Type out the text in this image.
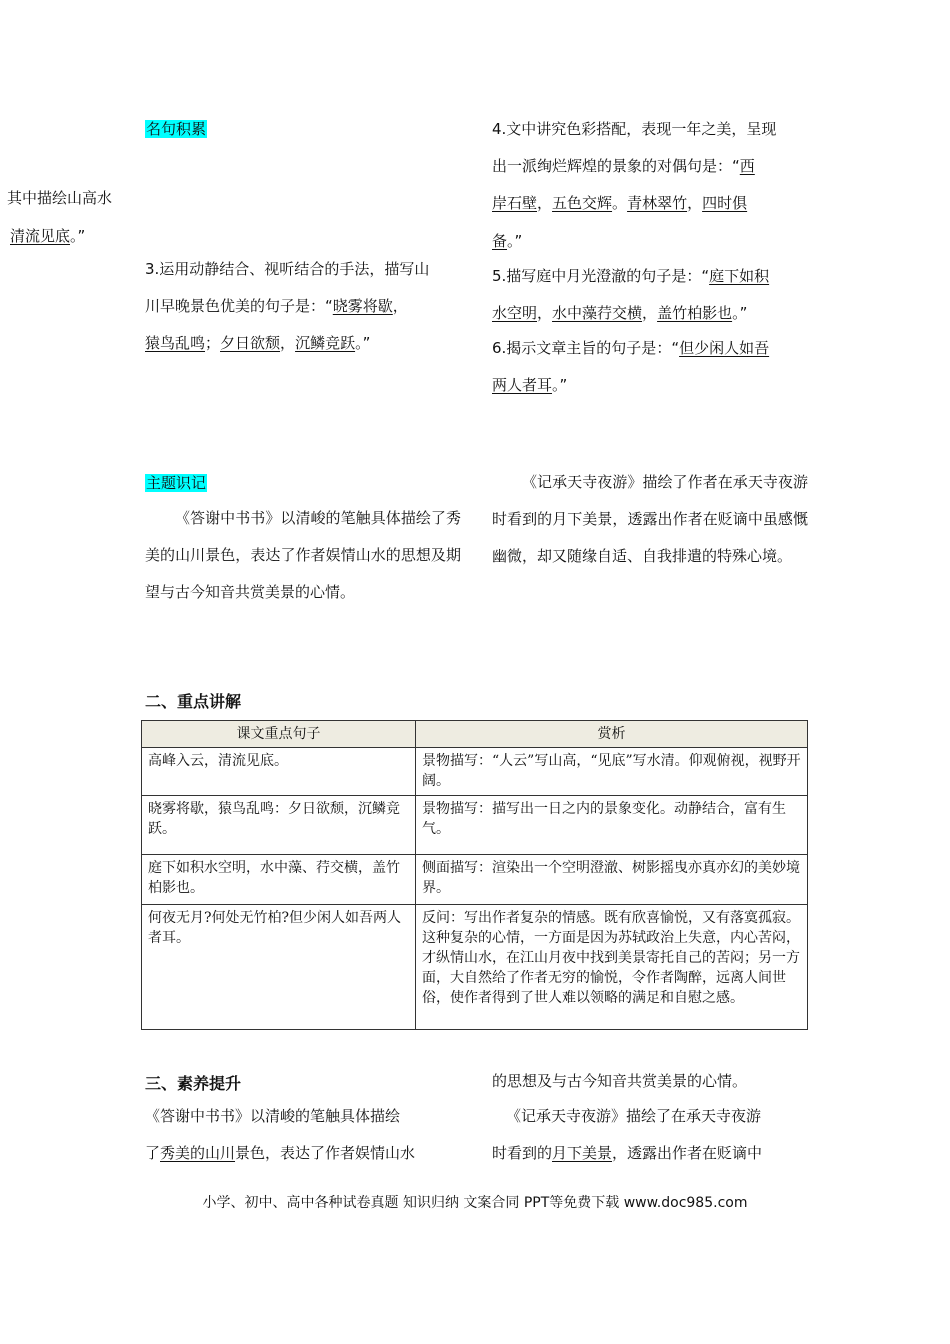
名句积累
其中描绘山高水
清流见底。”
3.运用动静结合、视听结合的手法，描写山
川早晚景色优美的句子是：“晓雾将歇，
猿鸟乱鸣；夕日欲颓，沉鳞竞跃。”
4.文中讲究色彩搭配，表现一年之美，呈现
出一派绚烂辉煌的景象的对偶句是：“西
岸石壁，五色交辉。青林翠竹，四时俱
备。”
5.描写庭中月光澄澈的句子是：“庭下如积
水空明，水中藻荇交横，盖竹柏影也。”
6.揭示文章主旨的句子是：“但少闲人如吾
两人者耳。”
主题识记
《答谢中书书》以清峻的笔触具体描绘了秀美的山川景色，表达了作者娱情山水的思想及期望与古今知音共赏美景的心情。
《记承天寺夜游》描绘了作者在承天寺夜游时看到的月下美景，透露出作者在贬谪中虽感慨幽微，却又随缘自适、自我排遣的特殊心境。
二、重点讲解
课文重点句子	赏析
高峰入云，清流见底。	景物描写：“人云”写山高，“见底”写水清。仰观俯视，视野开阔。
晓雾将歇，猿鸟乱鸣：夕日欲颓，沉鳞竞跃。	景物描写：描写出一日之内的景象变化。动静结合，富有生气。
庭下如积水空明，水中藻、荇交横，盖竹柏影也。	侧面描写：渲染出一个空明澄澈、树影摇曳亦真亦幻的美妙境界。
何夜无月?何处无竹柏?但少闲人如吾两人者耳。	反问：写出作者复杂的情感。既有欣喜愉悦，又有落寞孤寂。这种复杂的心情，一方面是因为苏轼政治上失意，内心苦闷，才纵情山水，在江山月夜中找到美景寄托自己的苦闷；另一方面，大自然给了作者无穷的愉悦，令作者陶醉，远离人间世俗，使作者得到了世人难以领略的满足和自慰之感。
三、素养提升
《答谢中书书》以清峻的笔触具体描绘
了秀美的山川景色，表达了作者娱情山水
的思想及与古今知音共赏美景的心情。
《记承天寺夜游》描绘了在承天寺夜游
时看到的月下美景，透露出作者在贬谪中
小学、初中、高中各种试卷真题 知识归纳 文案合同 PPT等免费下载 www.doc985.com
